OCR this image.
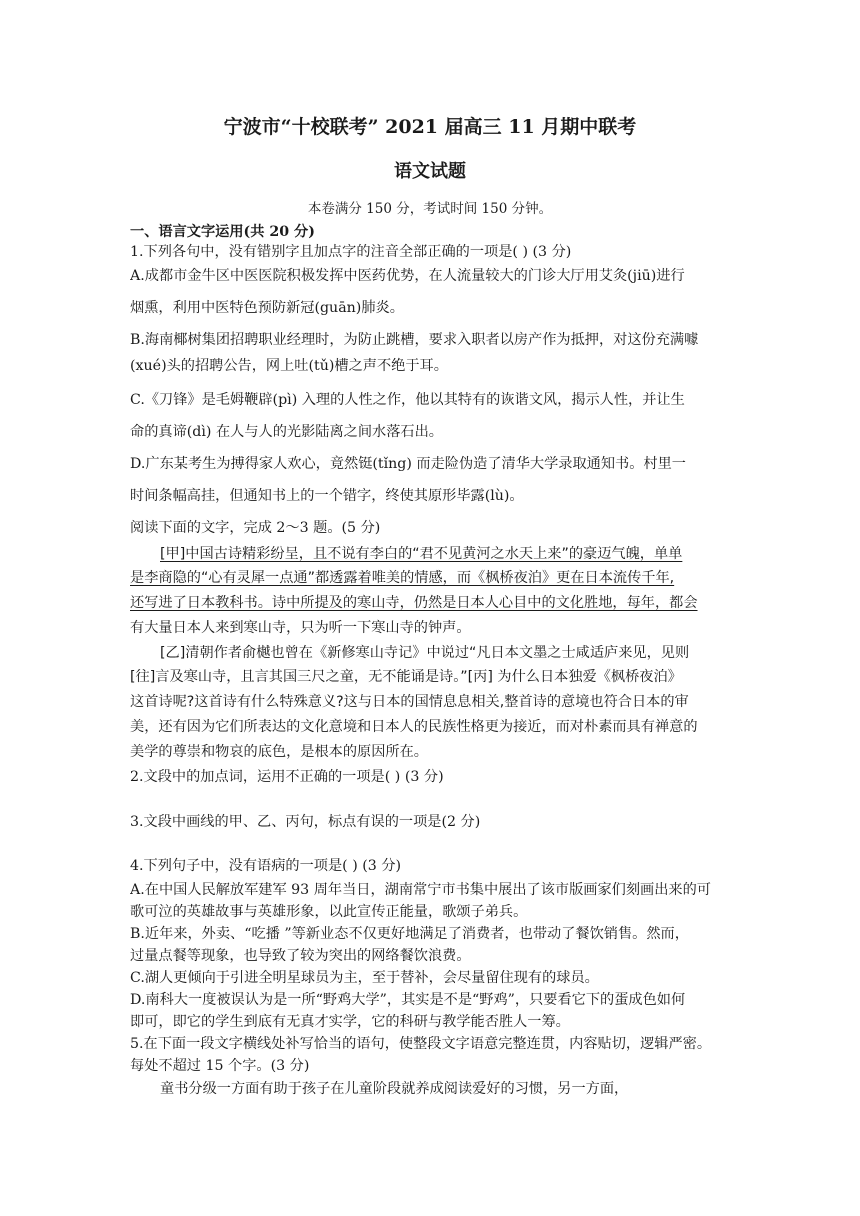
宁波市“十校联考” 2021 届高三 11 月期中联考
语文试题
本卷满分 150 分，考试时间 150 分钟。
一、语言文字运用(共 20 分)
1.下列各句中，没有错别字且加点字的注音全部正确的一项是( ) (3 分)
A.成都市金牛区中医医院积极发挥中医药优势，在人流量较大的门诊大厅用艾灸(jiū)进行
烟熏，利用中医特色预防新冠(guān)肺炎。
B.海南椰树集团招聘职业经理时，为防止跳槽，要求入职者以房产作为抵押，对这份充满噱
(xué)头的招聘公告，网上吐(tǔ)槽之声不绝于耳。
C.《刀锋》是毛姆鞭辟(pì) 入理的人性之作，他以其特有的诙谐文风，揭示人性，并让生
命的真谛(dì) 在人与人的光影陆离之间水落石出。
D.广东某考生为搏得家人欢心，竟然铤(tǐng) 而走险伪造了清华大学录取通知书。村里一
时间条幅高挂，但通知书上的一个错字，终使其原形毕露(lù)。
阅读下面的文字，完成 2～3 题。(5 分)
[甲]中国古诗精彩纷呈，且不说有李白的“君不见黄河之水天上来”的豪迈气魄，单单
是李商隐的“心有灵犀一点通”都透露着唯美的情感，而《枫桥夜泊》更在日本流传千年,
还写进了日本教科书。诗中所提及的寒山寺，仍然是日本人心目中的文化胜地，每年，都会
有大量日本人来到寒山寺，只为听一下寒山寺的钟声。
[乙]清朝作者俞樾也曾在《新修寒山寺记》中说过“凡日本文墨之士咸适庐来见，见则
[往]言及寒山寺，且言其国三尺之童，无不能诵是诗。”[丙] 为什么日本独爱《枫桥夜泊》
这首诗呢?这首诗有什么特殊意义?这与日本的国情息息相关,整首诗的意境也符合日本的审
美，还有因为它们所表达的文化意境和日本人的民族性格更为接近，而对朴素而具有禅意的
美学的尊崇和物哀的底色，是根本的原因所在。
2.文段中的加点词，运用不正确的一项是( ) (3 分)
3.文段中画线的甲、乙、丙句，标点有误的一项是(2 分)
4.下列句子中，没有语病的一项是( ) (3 分)
A.在中国人民解放军建军 93 周年当日，湖南常宁市书集中展出了该市版画家们刻画出来的可
歌可泣的英雄故事与英雄形象，以此宣传正能量，歌颂子弟兵。
B.近年来，外卖、“吃播 ”等新业态不仅更好地满足了消费者，也带动了餐饮销售。然而，
过量点餐等现象，也导致了较为突出的网络餐饮浪费。
C.湖人更倾向于引进全明星球员为主，至于替补，会尽量留住现有的球员。
D.南科大一度被误认为是一所“野鸡大学”，其实是不是“野鸡”，只要看它下的蛋成色如何
即可，即它的学生到底有无真才实学，它的科研与教学能否胜人一筹。
5.在下面一段文字横线处补写恰当的语句，使整段文字语意完整连贯，内容贴切，逻辑严密。
每处不超过 15 个字。(3 分)
童书分级一方面有助于孩子在儿童阶段就养成阅读爱好的习惯，另一方面，
